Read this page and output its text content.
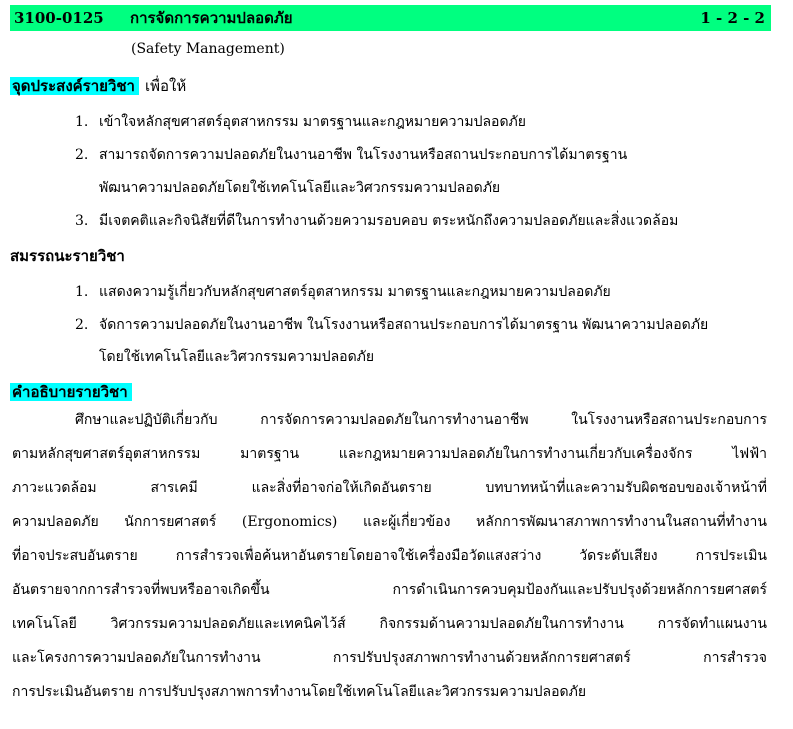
3100-0125 การจัดการความปลอดภัย	1 - 2 - 2
(Safety Management)
จุดประสงค์รายวิชา เพื่อให้
1. เข้าใจหลักสุขศาสตร์อุตสาหกรรม มาตรฐานและกฎหมายความปลอดภัย
2. สามารถจัดการความปลอดภัยในงานอาชีพ ในโรงงานหรือสถานประกอบการได้มาตรฐาน
พัฒนาความปลอดภัยโดยใช้เทคโนโลยีและวิศวกรรมความปลอดภัย
3. มีเจตคติและกิจนิสัยที่ดีในการทำงานด้วยความรอบคอบ ตระหนักถึงความปลอดภัยและสิ่งแวดล้อม
สมรรถนะรายวิชา
1. แสดงความรู้เกี่ยวกับหลักสุขศาสตร์อุตสาหกรรม มาตรฐานและกฎหมายความปลอดภัย
2. จัดการความปลอดภัยในงานอาชีพ ในโรงงานหรือสถานประกอบการได้มาตรฐาน พัฒนาความปลอดภัย
โดยใช้เทคโนโลยีและวิศวกรรมความปลอดภัย
คำอธิบายรายวิชา
ศึกษาและปฏิบัติเกี่ยวกับ การจัดการความปลอดภัยในการทำงานอาชีพ ในโรงงานหรือสถานประกอบการ
ตามหลักสุขศาสตร์อุตสาหกรรม มาตรฐาน และกฎหมายความปลอดภัยในการทำงานเกี่ยวกับเครื่องจักร ไฟฟ้า
ภาวะแวดล้อม สารเคมี และสิ่งที่อาจก่อให้เกิดอันตราย บทบาทหน้าที่และความรับผิดชอบของเจ้าหน้าที่
ความปลอดภัย นักการยศาสตร์ (Ergonomics) และผู้เกี่ยวข้อง หลักการพัฒนาสภาพการทำงานในสถานที่ทำงาน
ที่อาจประสบอันตราย การสำรวจเพื่อค้นหาอันตรายโดยอาจใช้เครื่องมือวัดแสงสว่าง วัดระดับเสียง การประเมิน
อันตรายจากการสำรวจที่พบหรืออาจเกิดขึ้น การดำเนินการควบคุมป้องกันและปรับปรุงด้วยหลักการยศาสตร์
เทคโนโลยี วิศวกรรมความปลอดภัยและเทคนิคไว้ส์ กิจกรรมด้านความปลอดภัยในการทำงาน การจัดทำแผนงาน
และโครงการความปลอดภัยในการทำงาน การปรับปรุงสภาพการทำงานด้วยหลักการยศาสตร์ การสำรวจ
การประเมินอันตราย การปรับปรุงสภาพการทำงานโดยใช้เทคโนโลยีและวิศวกรรมความปลอดภัย
